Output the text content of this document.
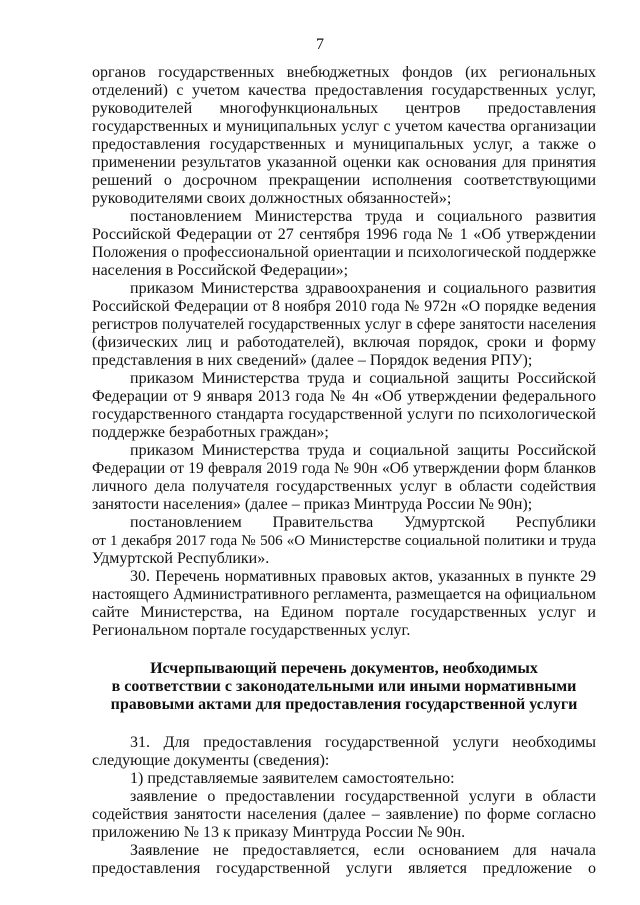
7
органов государственных внебюджетных фондов (их региональных
отделений) с учетом качества предоставления государственных услуг,
руководителей многофункциональных центров предоставления
государственных и муниципальных услуг с учетом качества организации
предоставления государственных и муниципальных услуг, а также о
применении результатов указанной оценки как основания для принятия
решений о досрочном прекращении исполнения соответствующими
руководителями своих должностных обязанностей»;
постановлением Министерства труда и социального развития
Российской Федерации от 27 сентября 1996 года № 1 «Об утверждении
Положения о профессиональной ориентации и психологической поддержке
населения в Российской Федерации»;
приказом Министерства здравоохранения и социального развития
Российской Федерации от 8 ноября 2010 года № 972н «О порядке ведения
регистров получателей государственных услуг в сфере занятости населения
(физических лиц и работодателей), включая порядок, сроки и форму
представления в них сведений» (далее – Порядок ведения РПУ);
приказом Министерства труда и социальной защиты Российской
Федерации от 9 января 2013 года № 4н «Об утверждении федерального
государственного стандарта государственной услуги по психологической
поддержке безработных граждан»;
приказом Министерства труда и социальной защиты Российской
Федерации от 19 февраля 2019 года № 90н «Об утверждении форм бланков
личного дела получателя государственных услуг в области содействия
занятости населения» (далее – приказ Минтруда России № 90н);
постановлением Правительства Удмуртской Республики
от 1 декабря 2017 года № 506 «О Министерстве социальной политики и труда
Удмуртской Республики».
30. Перечень нормативных правовых актов, указанных в пункте 29
настоящего Административного регламента, размещается на официальном
сайте Министерства, на Едином портале государственных услуг и
Региональном портале государственных услуг.
Исчерпывающий перечень документов, необходимых
в соответствии с законодательными или иными нормативными
правовыми актами для предоставления государственной услуги
31. Для предоставления государственной услуги необходимы
следующие документы (сведения):
1) представляемые заявителем самостоятельно:
заявление о предоставлении государственной услуги в области
содействия занятости населения (далее – заявление) по форме согласно
приложению № 13 к приказу Минтруда России № 90н.
Заявление не предоставляется, если основанием для начала
предоставления государственной услуги является предложение о
